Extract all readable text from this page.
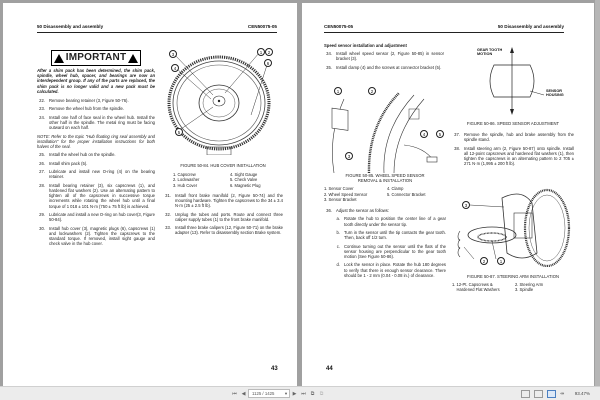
50 Disassembly and assembly	CEN50075-05
IMPORTANT
After a shim pack has been determined, the shim pack, spindle, wheel hub, spacer, and bearings are now an interdependent group. If any of the parts are replaced, the shim pack is no longer valid and a new pack must be calculated.
22. Remove bearing retainer (3, Figure 50-76).

23. Remove the wheel hub from the spindle.

24. Install one half of face seal in the wheel hub. Install the other half in the spindle. The metal ring must be facing outward on each half.

NOTE: Refer to the topic "Hub floating ring seal assembly and installation" for the proper installation instructions for both halves of the seal.

25. Install the wheel hub on the spindle.

26. Install shim pack (5).

27. Lubricate and install new O-ring (4) on the bearing retainer.

28. Install bearing retainer (3), six capscrews (1), and hardened flat washers (2). Use an alternating pattern to tighten all of the capscrews in successive torque increments while rotating the wheel hub until a final torque of 1 018 ± 101 N·m (750 ± 75 ft lb) is achieved.

29. Lubricate and install a new O-ring on hub cover(3, Figure 50-84).

30. Install hub cover (3), magnetic plugs (6), capscrews (1) and lockwashers (2). Tighten the capscrews to the standard torque. If removed, install sight gauge and check valve in the hub cover.
3
4
1	2
6
5
FIGURE 50-84. HUB COVER INSTALLATION
1. Capscrew	4. Sight Gauge
2. Lockwasher	5. Check Valve
3. Hub Cover	6. Magnetic Plug
31. Install front brake manifold (2, Figure 50-74) and the mounting hardware. Tighten the capscrews to the 34 ± 3.4 N·m (25 ± 2.5 ft lb).

32. Unplug the tubes and ports. Route and connect three caliper supply tubes (1) to the front brake manifold.

33. Install three brake calipers (12, Figure 50-71) on the brake adapter (13). Refer to disassembly section Brake system.
43
CEN50075-05	50 Disassembly and assembly
Speed sensor installation and adjustment
34. Install wheel speed sensor (2, Figure 50-85) in sensor bracket (3).

35. Install clamp (4) and the screws at connector bracket (5).
1	2
3
4	5
FIGURE 50-85. WHEEL SPEED SENSOR
REMOVAL & INSTALLATION
1. Sensor Cover	4. Clamp
2. Wheel Speed Sensor	5. Connector Bracket
3. Sensor Bracket
36. Adjust the sensor as follows:

a. Rotate the hub to position the center line of a gear tooth directly under the sensor tip.

b. Turn in the sensor until the tip contacts the gear tooth. Then, back off 1/2 turn.

c. Continue turning out the sensor until the flats of the sensor housing are perpendicular to the gear tooth motion (See Figure 50-86).

d. Lock the sensor in place. Rotate the hub 180 degrees to verify that there is enough sensor clearance. There should be 1 - 2 mm (0.04 - 0.08 in.) of clearance.
GEAR TOOTH MOTION
SENSOR HOUSING
FIGURE 50-86. SPEED SENSOR ADJUSTMENT
37. Remove the spindle, hub and brake assembly from the spindle stand.

38. Install steering arm (2, Figure 50-87) onto spindle. Install all 12-point capscrews and hardened flat washers (1), then tighten the capscrews in an alternating pattern to 2 705 ± 271 N·m (1,995 ± 200 ft lb).
3
2	1
FIGURE 50-87. STEERING ARM INSTALLATION
1. 12-Pt. Capscrews &	2. Steering Arm
Hardened Flat Washers	3. Spindle
44
⏮ ◀	1125 / 1425 ▾	▶ ⏭ ⧉	⧉	⇹	93.47%
